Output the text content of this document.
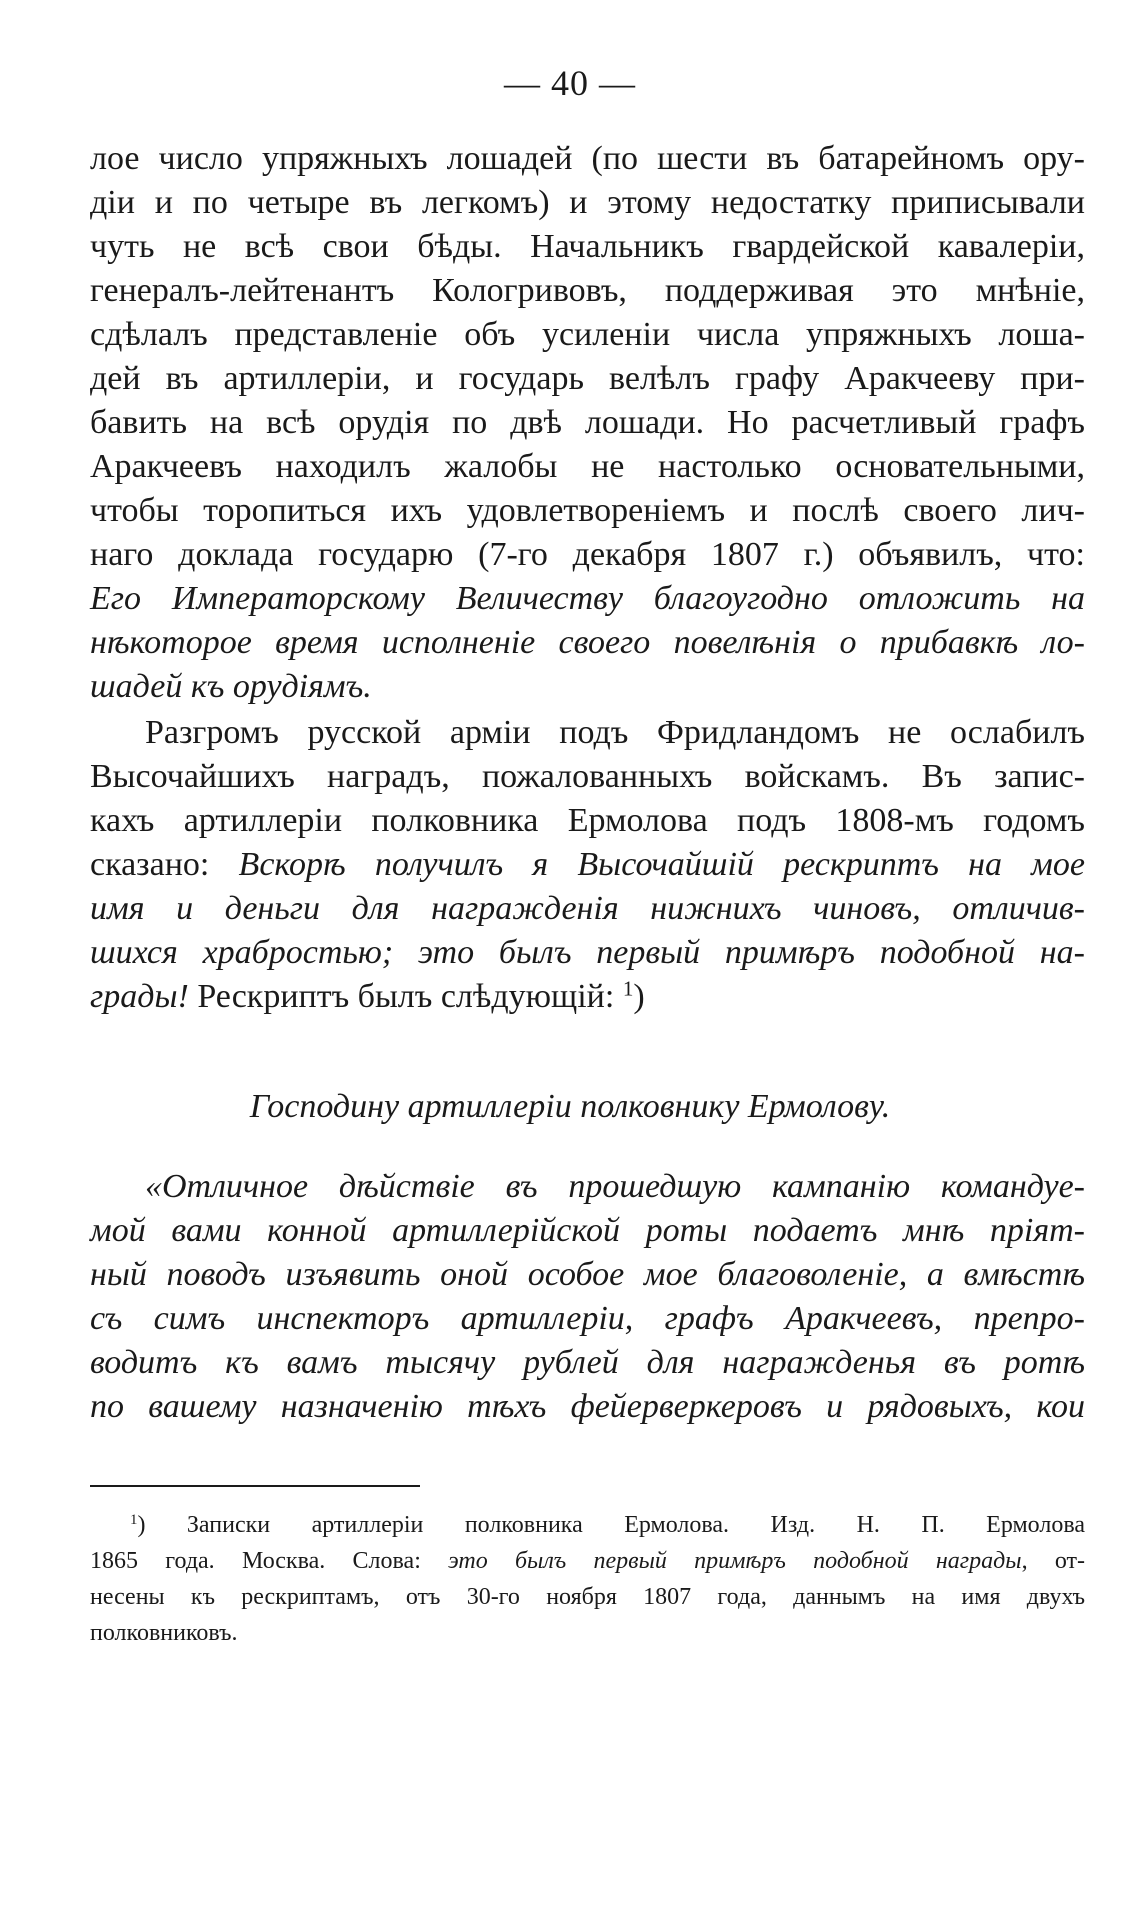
— 40 —
лое число упряжныхъ лошадей (по шести въ батарейномъ ору-
діи и по четыре въ легкомъ) и этому недостатку приписывали
чуть не всѣ свои бѣды. Начальникъ гвардейской кавалеріи,
генералъ-лейтенантъ Кологривовъ, поддерживая это мнѣніе,
сдѣлалъ представленіе объ усиленіи числа упряжныхъ лоша-
дей въ артиллеріи, и государь велѣлъ графу Аракчееву при-
бавить на всѣ орудія по двѣ лошади. Но расчетливый графъ
Аракчеевъ находилъ жалобы не настолько основательными,
чтобы торопиться ихъ удовлетвореніемъ и послѣ своего лич-
наго доклада государю (7-го декабря 1807 г.) объявилъ, что:
Его Императорскому Величеству благоугодно отложить на
нѣкоторое время исполненіе своего повелѣнія о прибавкѣ ло-
шадей къ орудіямъ.
Разгромъ русской арміи подъ Фридландомъ не ослабилъ
Высочайшихъ наградъ, пожалованныхъ войскамъ. Въ запис-
кахъ артиллеріи полковника Ермолова подъ 1808-мъ годомъ
сказано: Вскорѣ получилъ я Высочайшій рескриптъ на мое
имя и деньги для награжденія нижнихъ чиновъ, отличив-
шихся храбростью; это былъ первый примѣръ подобной на-
грады! Рескриптъ былъ слѣдующій: $^1$)
Господину артиллеріи полковнику Ермолову.
«Отличное дѣйствіе въ прошедшую кампанію командуе-
мой вами конной артиллерійской роты подаетъ мнѣ пріят-
ный поводъ изъявить оной особое мое благоволеніе, а вмѣстѣ
съ симъ инспекторъ артиллеріи, графъ Аракчеевъ, препро-
водитъ къ вамъ тысячу рублей для награжденья въ ротѣ
по вашему назначенію тѣхъ фейерверкеровъ и рядовыхъ, кои
$^1$) Записки артиллеріи полковника Ермолова. Изд. Н. П. Ермолова
1865 года. Москва. Слова: это былъ первый примѣръ подобной награды, от-
несены къ рескриптамъ, отъ 30-го ноября 1807 года, даннымъ на имя двухъ
полковниковъ.
